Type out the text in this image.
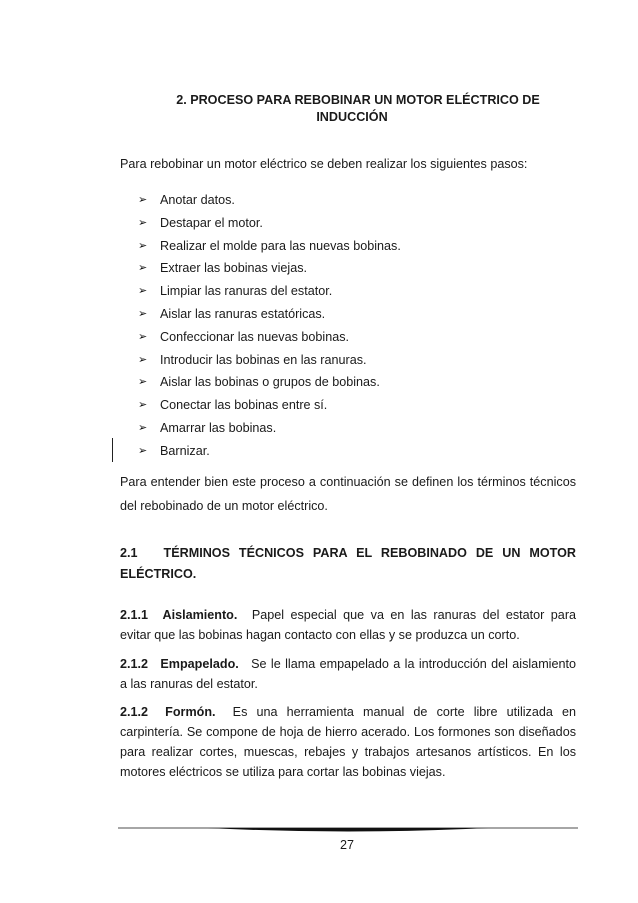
2. PROCESO PARA REBOBINAR UN MOTOR ELÉCTRICO DE
INDUCCIÓN
Para rebobinar un motor eléctrico se deben realizar los siguientes pasos:
➢	Anotar datos.
➢	Destapar el motor.
➢	Realizar el molde para las nuevas bobinas.
➢	Extraer las bobinas viejas.
➢	Limpiar las ranuras del estator.
➢	Aislar las ranuras estatóricas.
➢	Confeccionar las nuevas bobinas.
➢	Introducir las bobinas en las ranuras.
➢	Aislar las bobinas o grupos de bobinas.
➢	Conectar las bobinas entre sí.
➢	Amarrar las bobinas.
➢	Barnizar.
Para entender bien este proceso a continuación se definen los términos técnicos del rebobinado de un motor eléctrico.
2.1 TÉRMINOS TÉCNICOS PARA EL REBOBINADO DE UN MOTOR
ELÉCTRICO.
2.1.1 Aislamiento. Papel especial que va en las ranuras del estator para evitar que las bobinas hagan contacto con ellas y se produzca un corto.
2.1.2 Empapelado. Se le llama empapelado a la introducción del aislamiento a las ranuras del estator.
2.1.2 Formón. Es una herramienta manual de corte libre utilizada en carpintería. Se compone de hoja de hierro acerado. Los formones son diseñados para realizar cortes, muescas, rebajes y trabajos artesanos artísticos. En los motores eléctricos se utiliza para cortar las bobinas viejas.
27
